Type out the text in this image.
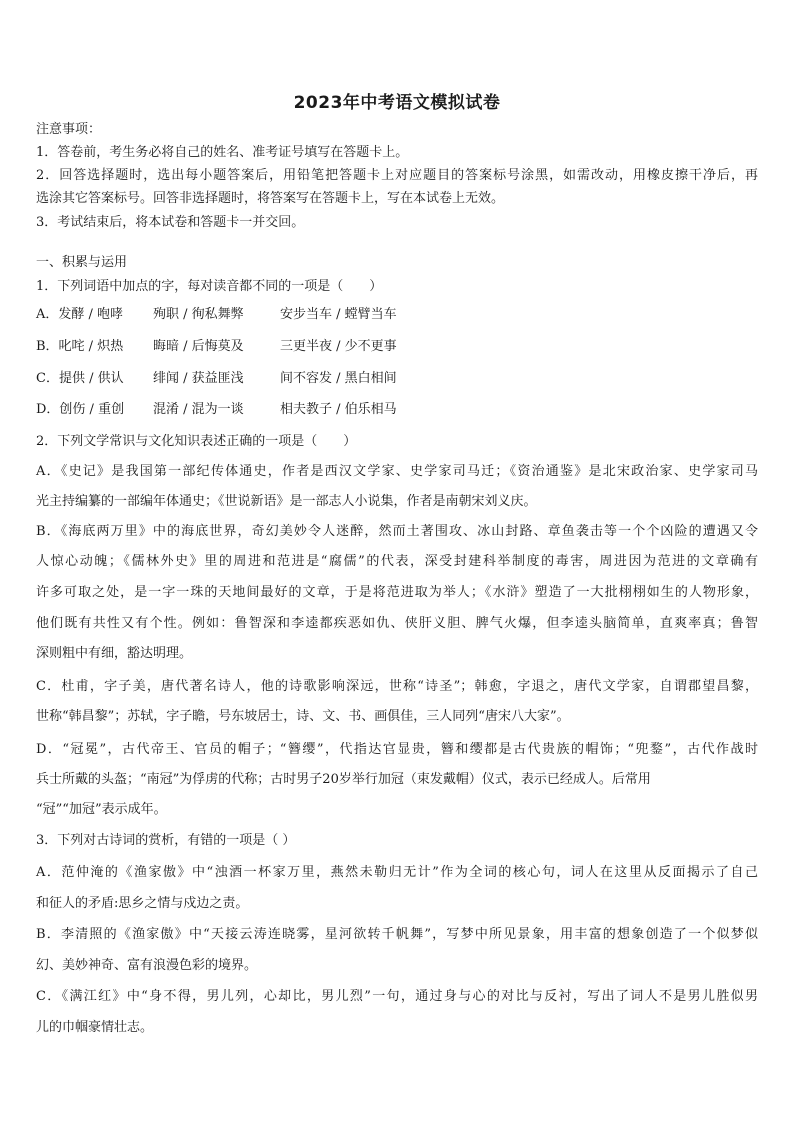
2023年中考语文模拟试卷
注意事项：
1．答卷前，考生务必将自己的姓名、准考证号填写在答题卡上。
2．回答选择题时，选出每小题答案后，用铅笔把答题卡上对应题目的答案标号涂黑，如需改动，用橡皮擦干净后，再
选涂其它答案标号。回答非选择题时，将答案写在答题卡上，写在本试卷上无效。
3．考试结束后，将本试卷和答题卡一并交回。
一、积累与运用
1．下列词语中加点的字，每对读音都不同的一项是（　　）
A．发酵 / 咆哮 殉职 / 徇私舞弊	安步当车 / 螳臂当车
B．叱咤 / 炽热 晦暗 / 后悔莫及	三更半夜 / 少不更事
C．提供 / 供认 绯闻 / 获益匪浅	间不容发 / 黑白相间
D．创伤 / 重创 混淆 / 混为一谈	相夫教子 / 伯乐相马
2．下列文学常识与文化知识表述正确的一项是（　　）
A．《史记》是我国第一部纪传体通史，作者是西汉文学家、史学家司马迁；《资治通鉴》是北宋政治家、史学家司马
光主持编纂的一部编年体通史；《世说新语》是一部志人小说集，作者是南朝宋刘义庆。
B．《海底两万里》中的海底世界，奇幻美妙令人迷醉，然而土著围攻、冰山封路、章鱼袭击等一个个凶险的遭遇又令
人惊心动魄；《儒林外史》里的周进和范进是“腐儒”的代表，深受封建科举制度的毒害，周进因为范进的文章确有
许多可取之处，是一字一珠的天地间最好的文章，于是将范进取为举人；《水浒》塑造了一大批栩栩如生的人物形象，
他们既有共性又有个性。例如：鲁智深和李逵都疾恶如仇、侠肝义胆、脾气火爆，但李逵头脑简单，直爽率真；鲁智
深则粗中有细，豁达明理。
C．杜甫，字子美，唐代著名诗人，他的诗歌影响深远，世称“诗圣”；韩愈，字退之，唐代文学家，自谓郡望昌黎，
世称“韩昌黎”；苏轼，字子瞻，号东坡居士，诗、文、书、画俱佳，三人同列“唐宋八大家”。
D．“冠冕”，古代帝王、官员的帽子；“簪缨”，代指达官显贵，簪和缨都是古代贵族的帽饰；“兜鍪”，古代作战时
兵士所戴的头盔；“南冠”为俘虏的代称；古时男子20岁举行加冠（束发戴帽）仪式，表示已经成人。后常用
“冠”“加冠”表示成年。
3．下列对古诗词的赏析，有错的一项是（ ）
A．范仲淹的《渔家傲》中“浊酒一杯家万里，燕然未勒归无计”作为全词的核心句，词人在这里从反面揭示了自己
和征人的矛盾:思乡之情与戍边之责。
B．李清照的《渔家傲》中“天接云涛连晓雾，星河欲转千帆舞”，写梦中所见景象，用丰富的想象创造了一个似梦似
幻、美妙神奇、富有浪漫色彩的境界。
C．《满江红》中“身不得，男儿列，心却比，男儿烈”一句，通过身与心的对比与反衬，写出了词人不是男儿胜似男
儿的巾帼豪情壮志。
